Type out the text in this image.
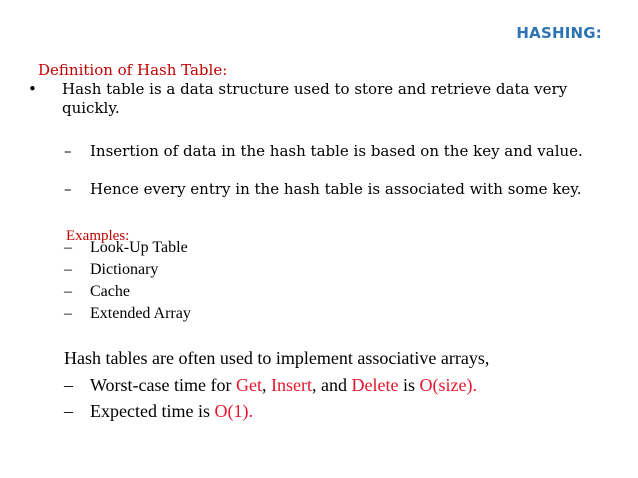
HASHING:
Definition of Hash Table:
• Hash table is a data structure used to store and retrieve data very quickly.
– Insertion of data in the hash table is based on the key and value.
– Hence every entry in the hash table is associated with some key.
Examples:
– Look-Up Table
– Dictionary
– Cache
– Extended Array
Hash tables are often used to implement associative arrays,
– Worst-case time for Get, Insert, and Delete is O(size).
– Expected time is O(1).
